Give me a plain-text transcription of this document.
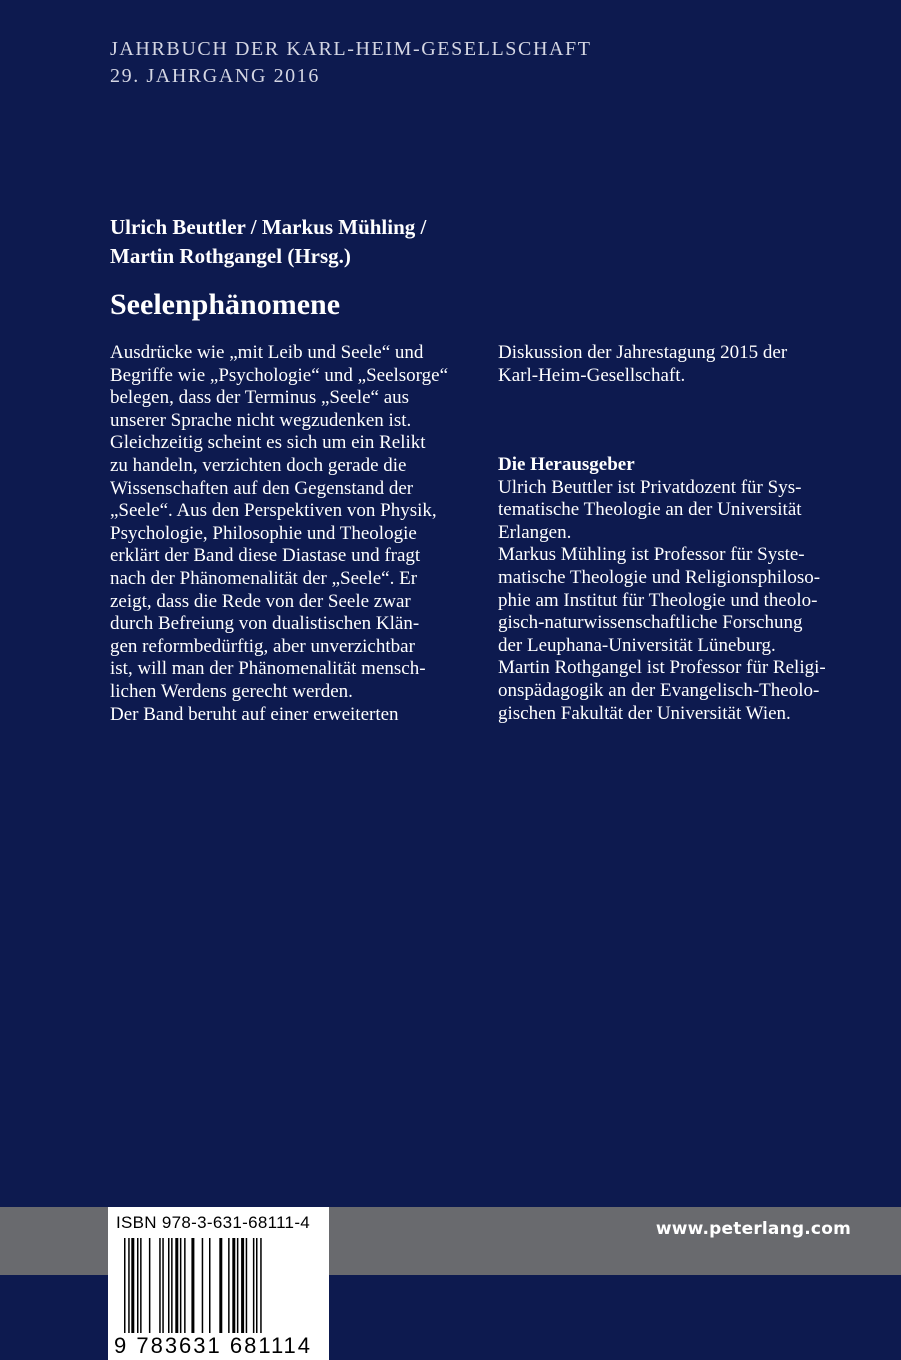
JAHRBUCH DER KARL-HEIM-GESELLSCHAFT
29. JAHRGANG 2016
Ulrich Beuttler / Markus Mühling /
Martin Rothgangel (Hrsg.)
Seelenphänomene
Ausdrücke wie „mit Leib und Seele“ und
Begriffe wie „Psychologie“ und „Seelsorge“
belegen, dass der Terminus „Seele“ aus
unserer Sprache nicht wegzudenken ist.
Gleichzeitig scheint es sich um ein Relikt
zu handeln, verzichten doch gerade die
Wissenschaften auf den Gegenstand der
„Seele“. Aus den Perspektiven von Physik,
Psychologie, Philosophie und Theologie
erklärt der Band diese Diastase und fragt
nach der Phänomenalität der „Seele“. Er
zeigt, dass die Rede von der Seele zwar
durch Befreiung von dualistischen Klän-
gen reformbedürftig, aber unverzichtbar
ist, will man der Phänomenalität mensch-
lichen Werdens gerecht werden.
Der Band beruht auf einer erweiterten
Diskussion der Jahrestagung 2015 der
Karl-Heim-Gesellschaft.
Die Herausgeber
Ulrich Beuttler ist Privatdozent für Sys-
tematische Theologie an der Universität
Erlangen.
Markus Mühling ist Professor für Syste-
matische Theologie und Religionsphiloso-
phie am Institut für Theologie und theolo-
gisch-naturwissenschaftliche Forschung
der Leuphana-Universität Lüneburg.
Martin Rothgangel ist Professor für Religi-
onspädagogik an der Evangelisch-Theolo-
gischen Fakultät der Universität Wien.
www.peterlang.com
ISBN 978-3-631-68111-4
9 783631 681114
